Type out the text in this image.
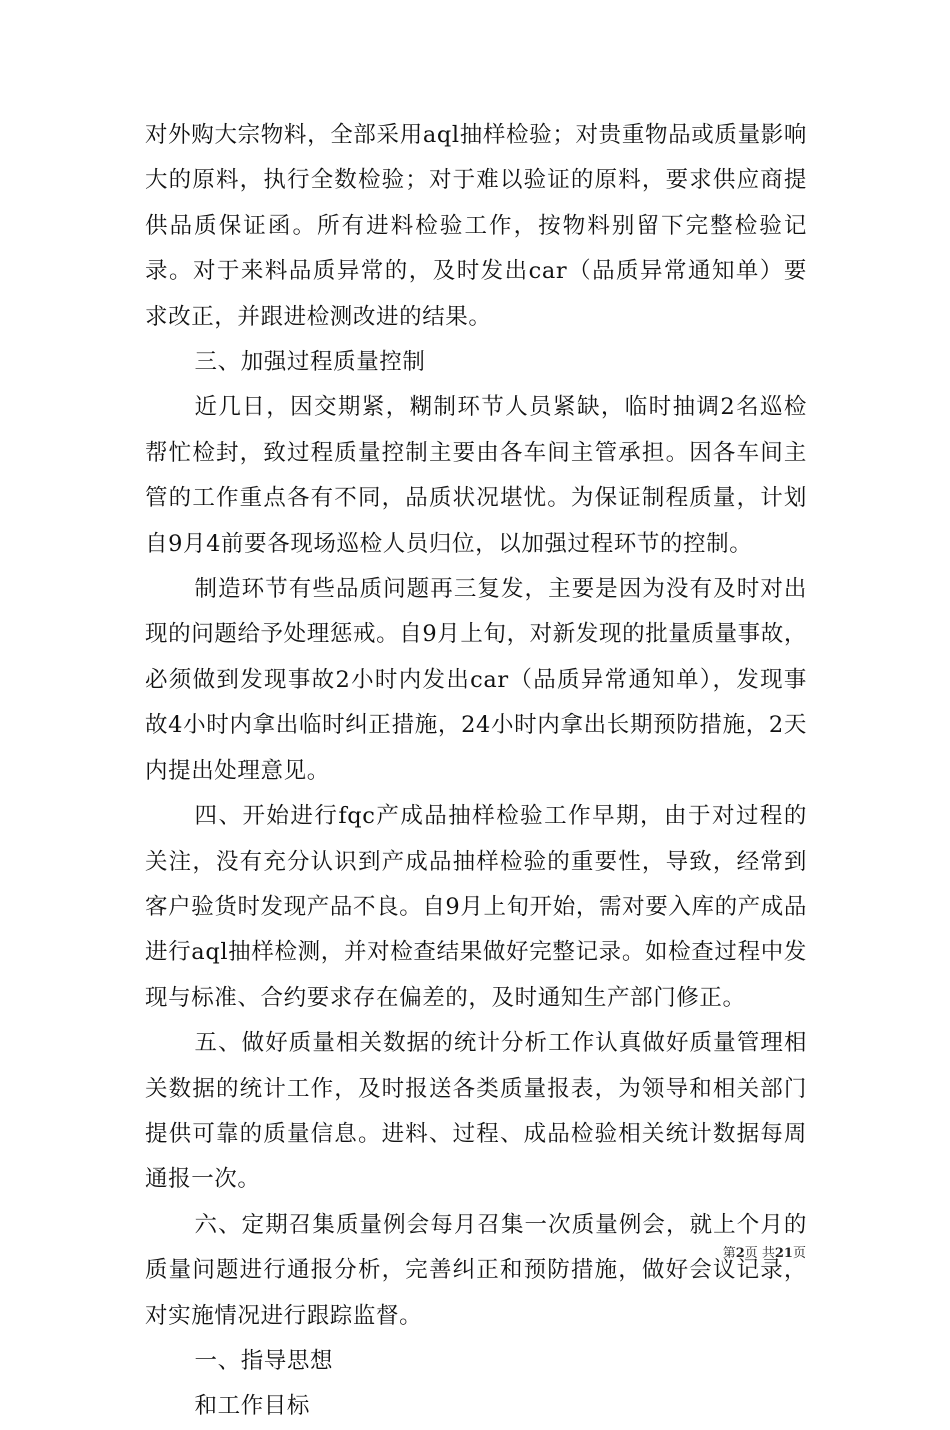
对外购大宗物料，全部采用aql抽样检验；对贵重物品或质量影响大的原料，执行全数检验；对于难以验证的原料，要求供应商提供品质保证函。所有进料检验工作，按物料别留下完整检验记录。对于来料品质异常的，及时发出car（品质异常通知单）要求改正，并跟进检测改进的结果。

三、加强过程质量控制

近几日，因交期紧，糊制环节人员紧缺，临时抽调2名巡检帮忙检封，致过程质量控制主要由各车间主管承担。因各车间主管的工作重点各有不同，品质状况堪忧。为保证制程质量，计划自9月4前要各现场巡检人员归位，以加强过程环节的控制。

制造环节有些品质问题再三复发，主要是因为没有及时对出现的问题给予处理惩戒。自9月上旬，对新发现的批量质量事故，必须做到发现事故2小时内发出car（品质异常通知单），发现事故4小时内拿出临时纠正措施，24小时内拿出长期预防措施，2天内提出处理意见。

四、开始进行fqc产成品抽样检验工作早期，由于对过程的关注，没有充分认识到产成品抽样检验的重要性，导致，经常到客户验货时发现产品不良。自9月上旬开始，需对要入库的产成品进行aql抽样检测，并对检查结果做好完整记录。如检查过程中发现与标准、合约要求存在偏差的，及时通知生产部门修正。

五、做好质量相关数据的统计分析工作认真做好质量管理相关数据的统计工作，及时报送各类质量报表，为领导和相关部门提供可靠的质量信息。进料、过程、成品检验相关统计数据每周通报一次。

六、定期召集质量例会每月召集一次质量例会，就上个月的质量问题进行通报分析，完善纠正和预防措施，做好会议记录，对实施情况进行跟踪监督。

一、指导思想

和工作目标

第2页 共21页
